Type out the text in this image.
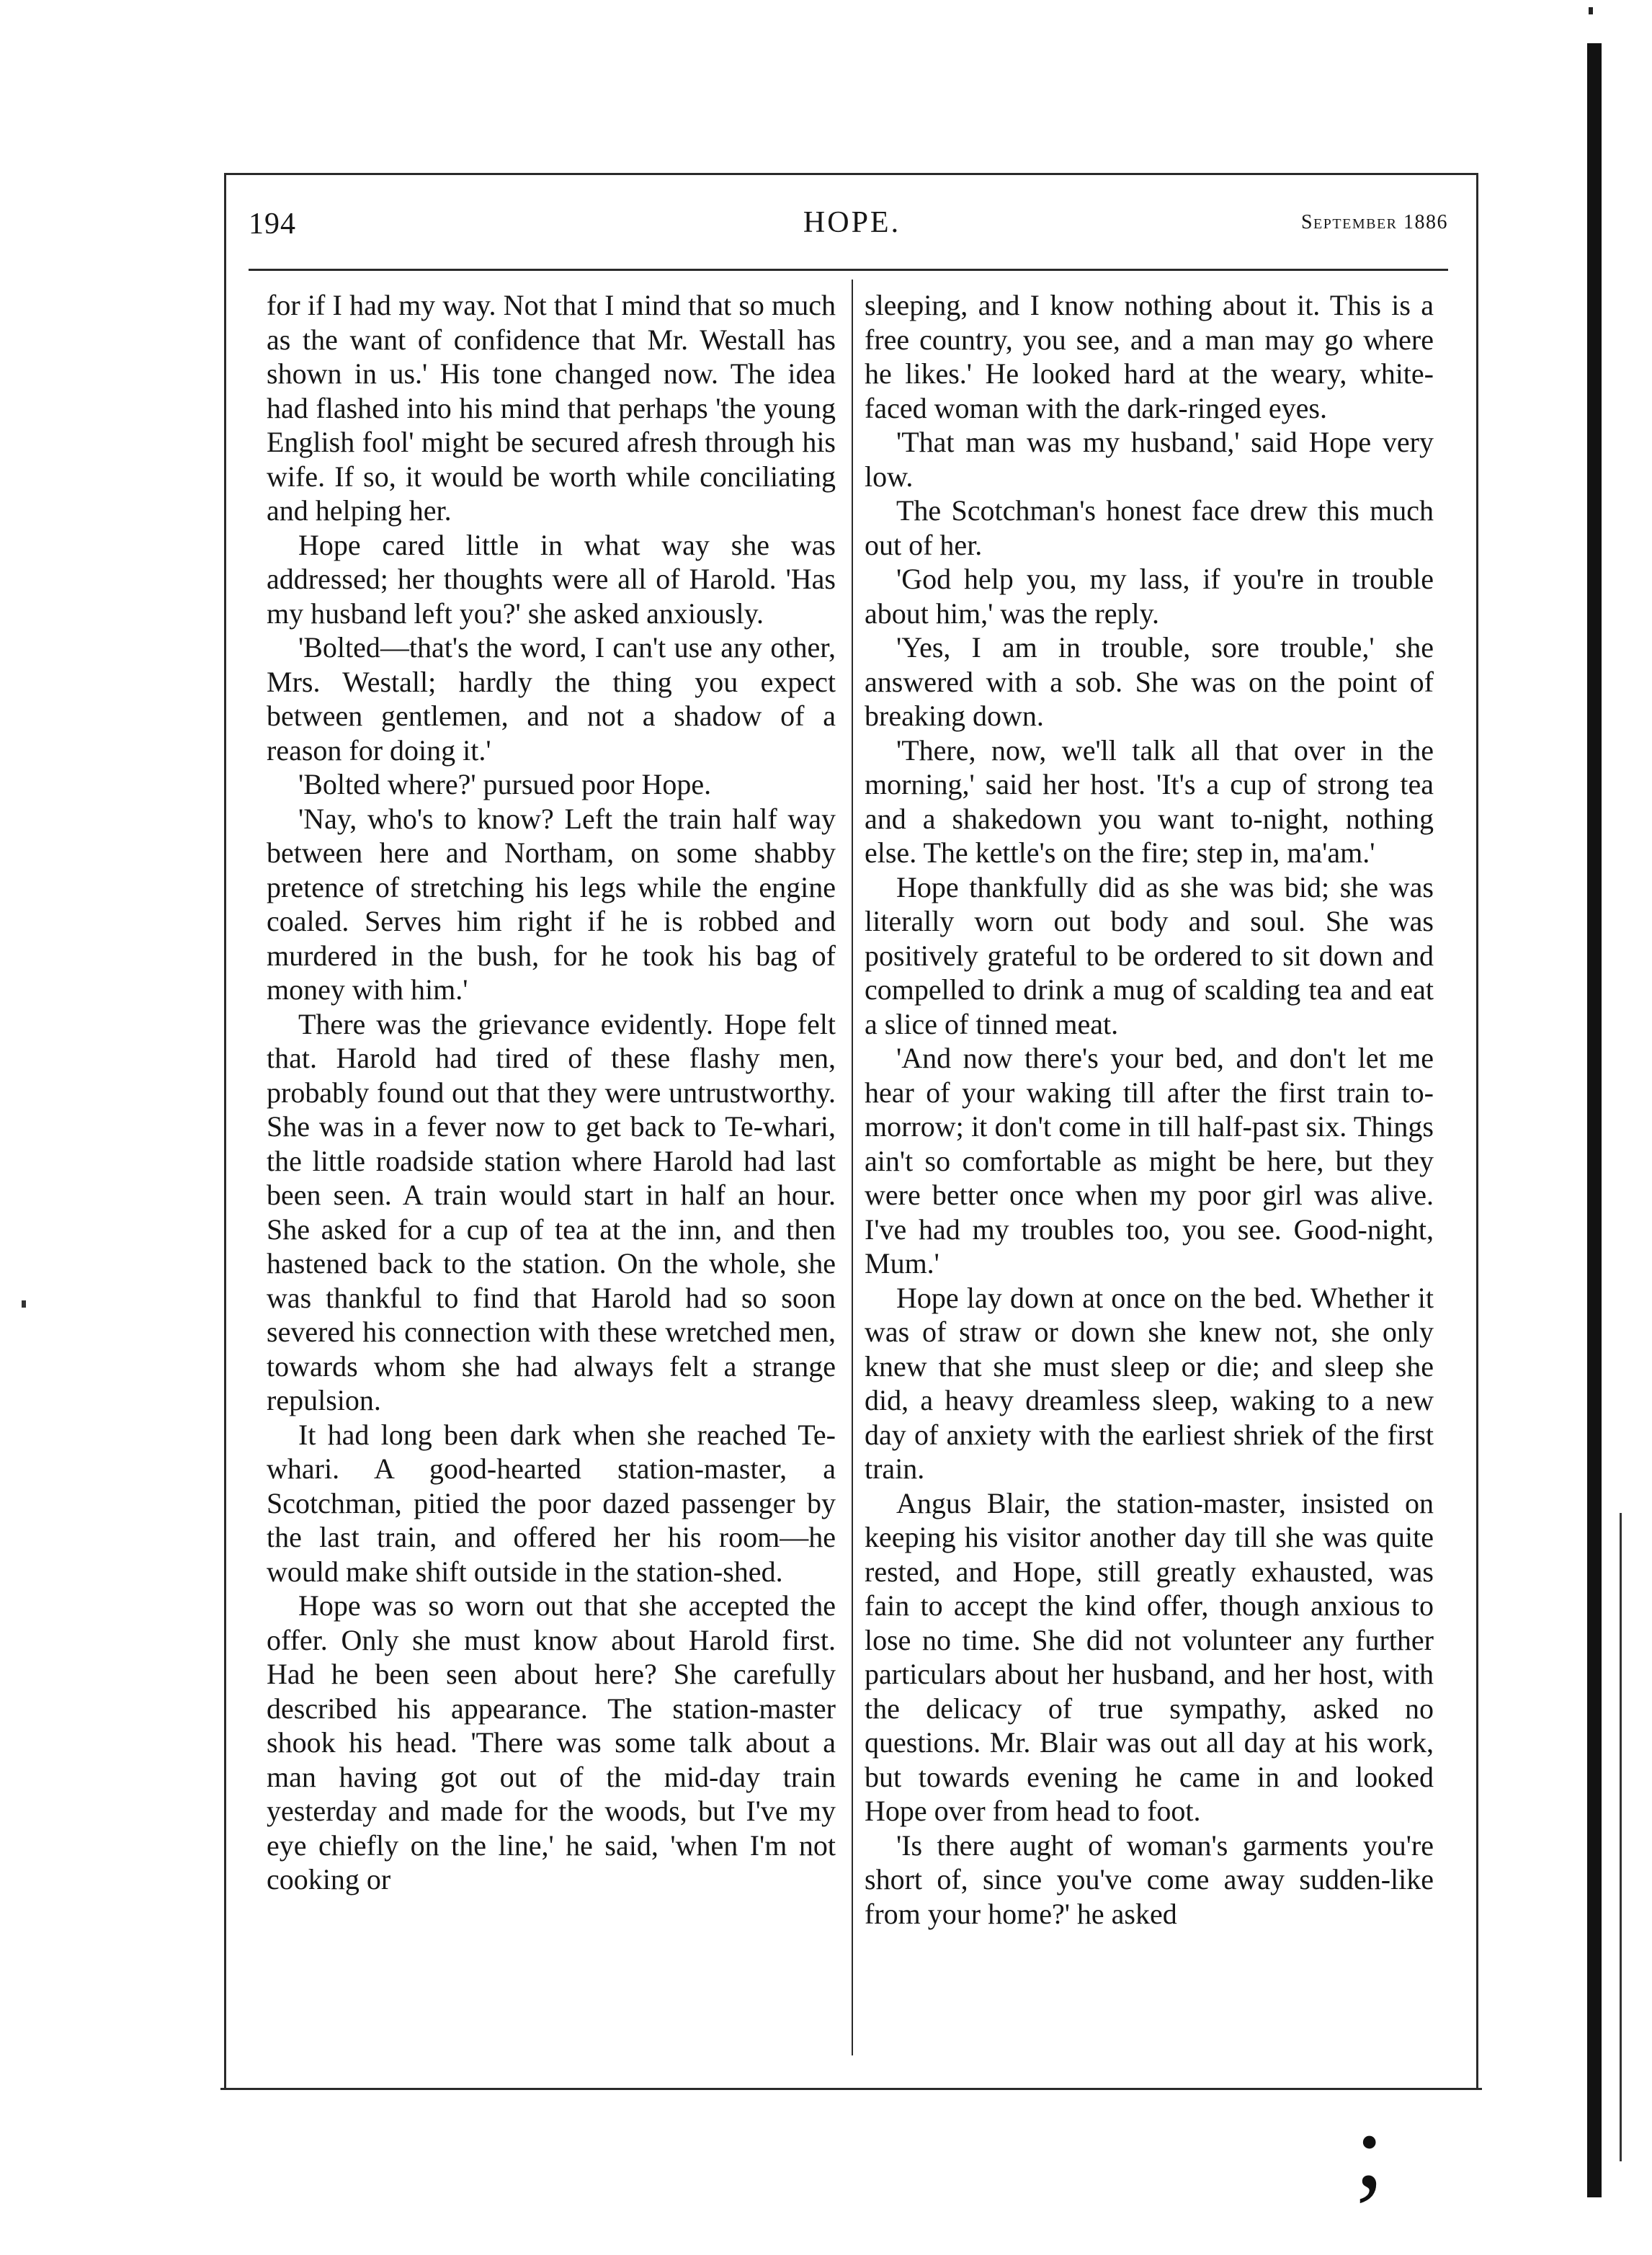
194	HOPE.	September 1886

for if I had my way. Not that I mind that so much as the want of confidence that Mr. Westall has shown in us.' His tone changed now. The idea had flashed into his mind that perhaps 'the young English fool' might be secured afresh through his wife. If so, it would be worth while conciliating and helping her.

Hope cared little in what way she was addressed; her thoughts were all of Harold. 'Has my husband left you?' she asked anxiously.

'Bolted—that's the word, I can't use any other, Mrs. Westall; hardly the thing you expect between gentlemen, and not a shadow of a reason for doing it.'

'Bolted where?' pursued poor Hope.

'Nay, who's to know? Left the train half way between here and Northam, on some shabby pretence of stretching his legs while the engine coaled. Serves him right if he is robbed and murdered in the bush, for he took his bag of money with him.'

There was the grievance evidently. Hope felt that. Harold had tired of these flashy men, probably found out that they were untrustworthy. She was in a fever now to get back to Te-whari, the little roadside station where Harold had last been seen. A train would start in half an hour. She asked for a cup of tea at the inn, and then hastened back to the station. On the whole, she was thankful to find that Harold had so soon severed his connection with these wretched men, towards whom she had always felt a strange repulsion.

It had long been dark when she reached Te-whari. A good-hearted station-master, a Scotchman, pitied the poor dazed passenger by the last train, and offered her his room—he would make shift outside in the station-shed.

Hope was so worn out that she accepted the offer. Only she must know about Harold first. Had he been seen about here? She carefully described his appearance. The station-master shook his head. 'There was some talk about a man having got out of the mid-day train yesterday and made for the woods, but I've my eye chiefly on the line,' he said, 'when I'm not cooking or

sleeping, and I know nothing about it. This is a free country, you see, and a man may go where he likes.' He looked hard at the weary, white-faced woman with the dark-ringed eyes.

'That man was my husband,' said Hope very low.

The Scotchman's honest face drew this much out of her.

'God help you, my lass, if you're in trouble about him,' was the reply.

'Yes, I am in trouble, sore trouble,' she answered with a sob. She was on the point of breaking down.

'There, now, we'll talk all that over in the morning,' said her host. 'It's a cup of strong tea and a shakedown you want to-night, nothing else. The kettle's on the fire; step in, ma'am.'

Hope thankfully did as she was bid; she was literally worn out body and soul. She was positively grateful to be ordered to sit down and compelled to drink a mug of scalding tea and eat a slice of tinned meat.

'And now there's your bed, and don't let me hear of your waking till after the first train to-morrow; it don't come in till half-past six. Things ain't so comfortable as might be here, but they were better once when my poor girl was alive. I've had my troubles too, you see. Good-night, Mum.'

Hope lay down at once on the bed. Whether it was of straw or down she knew not, she only knew that she must sleep or die; and sleep she did, a heavy dreamless sleep, waking to a new day of anxiety with the earliest shriek of the first train.

Angus Blair, the station-master, insisted on keeping his visitor another day till she was quite rested, and Hope, still greatly exhausted, was fain to accept the kind offer, though anxious to lose no time. She did not volunteer any further particulars about her husband, and her host, with the delicacy of true sympathy, asked no questions. Mr. Blair was out all day at his work, but towards evening he came in and looked Hope over from head to foot.

'Is there aught of woman's garments you're short of, since you've come away sudden-like from your home?' he asked

;
